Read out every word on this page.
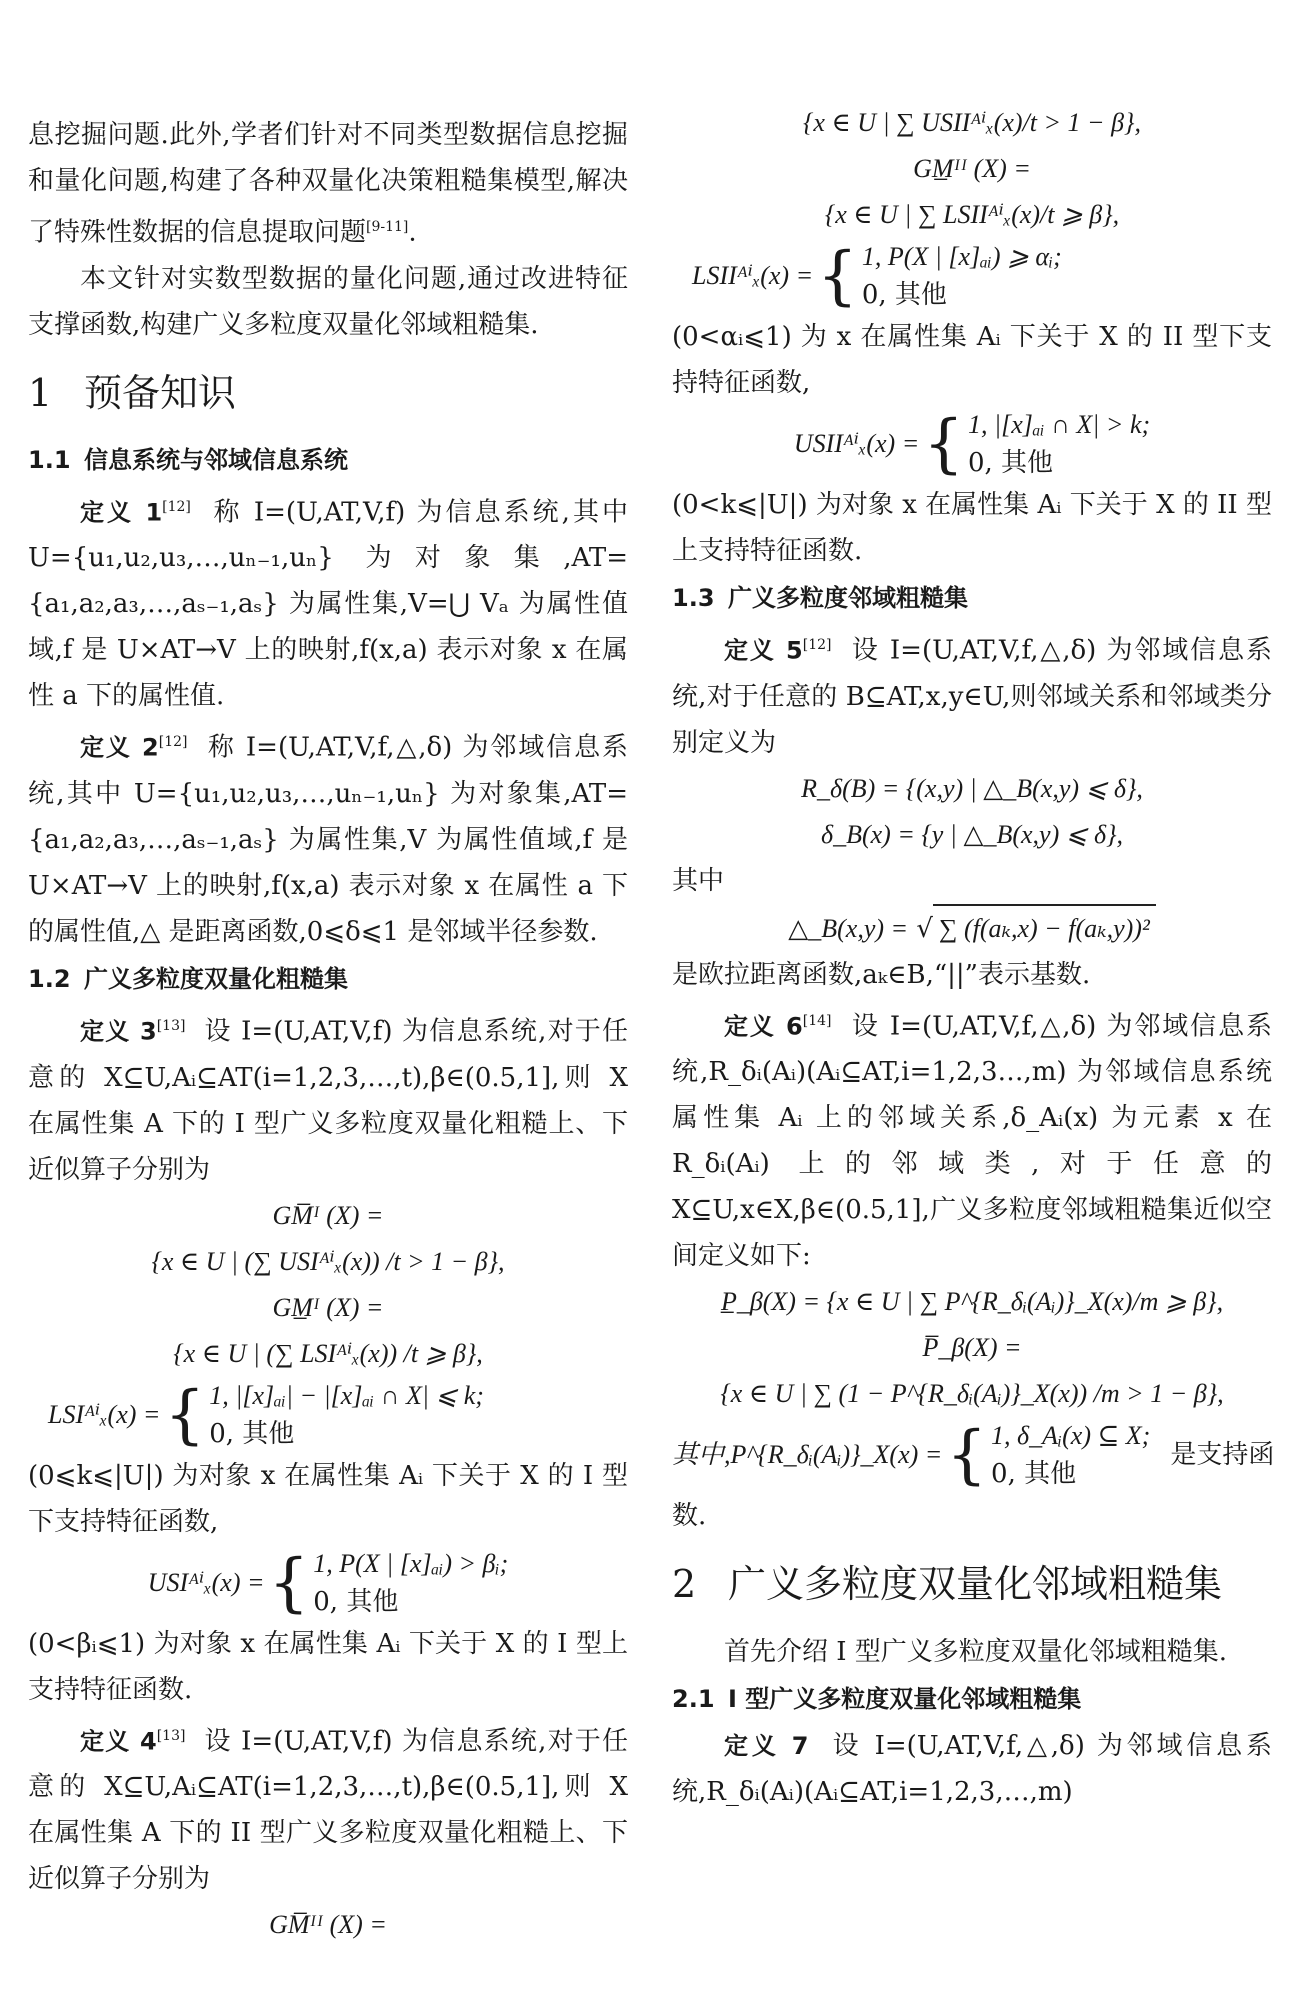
息挖掘问题.此外,学者们针对不同类型数据信息挖掘和量化问题,构建了各种双量化决策粗糙集模型,解决了特殊性数据的信息提取问题[9-11].

本文针对实数型数据的量化问题,通过改进特征支撑函数,构建广义多粒度双量化邻域粗糙集.

1 预备知识
1.1 信息系统与邻域信息系统

定义 1[12] 称 I=(U,AT,V,f) 为信息系统,其中 U={u₁,u₂,u₃,…,uₙ₋₁,uₙ} 为对象集,AT={a₁,a₂,a₃,…,aₛ₋₁,aₛ} 为属性集,V=⋃ Vₐ 为属性值域,f 是 U×AT→V 上的映射,f(x,a) 表示对象 x 在属性 a 下的属性值.

定义 2[12] 称 I=(U,AT,V,f,△,δ) 为邻域信息系统,其中 U={u₁,u₂,u₃,…,uₙ₋₁,uₙ} 为对象集,AT={a₁,a₂,a₃,…,aₛ₋₁,aₛ} 为属性集,V 为属性值域,f 是 U×AT→V 上的映射,f(x,a) 表示对象 x 在属性 a 下的属性值,△ 是距离函数,0⩽δ⩽1 是邻域半径参数.

1.2 广义多粒度双量化粗糙集

定义 3[13] 设 I=(U,AT,V,f) 为信息系统,对于任意的 X⊆U,Aᵢ⊆AT(i=1,2,3,…,t),β∈(0.5,1],则 X 在属性集 A 下的 I 型广义多粒度双量化粗糙上、下近似算子分别为

GM̅ᴵ (X) =
{x ∈ U | (∑ USIᴬⁱₓ(x)) /t > 1 − β},
GM̲ᴵ (X) =
{x ∈ U | (∑ LSIᴬⁱₓ(x)) /t ⩾ β},
LSIᴬⁱₓ(x) = { 1, |[x]ₐᵢ| − |[x]ₐᵢ ∩ X| ⩽ k;
0, 其他

(0⩽k⩽|U|) 为对象 x 在属性集 Aᵢ 下关于 X 的 I 型下支持特征函数,

USIᴬⁱₓ(x) = { 1, P(X | [x]ₐᵢ) > βᵢ;
0, 其他

(0<βᵢ⩽1) 为对象 x 在属性集 Aᵢ 下关于 X 的 I 型上支持特征函数.

定义 4[13] 设 I=(U,AT,V,f) 为信息系统,对于任意的 X⊆U,Aᵢ⊆AT(i=1,2,3,…,t),β∈(0.5,1],则 X 在属性集 A 下的 II 型广义多粒度双量化粗糙上、下近似算子分别为

GM̅ᴵᴵ (X) =
{x ∈ U | ∑ USIIᴬⁱₓ(x)/t > 1 − β},
GM̲ᴵᴵ (X) =
{x ∈ U | ∑ LSIIᴬⁱₓ(x)/t ⩾ β},
LSIIᴬⁱₓ(x) = { 1, P(X | [x]ₐᵢ) ⩾ αᵢ;
0, 其他

(0<αᵢ⩽1) 为 x 在属性集 Aᵢ 下关于 X 的 II 型下支持特征函数,

USIIᴬⁱₓ(x) = { 1, |[x]ₐᵢ ∩ X| > k;
0, 其他

(0<k⩽|U|) 为对象 x 在属性集 Aᵢ 下关于 X 的 II 型上支持特征函数.

1.3 广义多粒度邻域粗糙集

定义 5[12] 设 I=(U,AT,V,f,△,δ) 为邻域信息系统,对于任意的 B⊆AT,x,y∈U,则邻域关系和邻域类分别定义为

R_δ(B) = {(x,y) | △_B(x,y) ⩽ δ},
δ_B(x) = {y | △_B(x,y) ⩽ δ},

其中

△_B(x,y) = √ ∑ (f(aₖ,x) − f(aₖ,y))²

是欧拉距离函数,aₖ∈B,“||”表示基数.

定义 6[14] 设 I=(U,AT,V,f,△,δ) 为邻域信息系统,R_δᵢ(Aᵢ)(Aᵢ⊆AT,i=1,2,3…,m) 为邻域信息系统属性集 Aᵢ 上的邻域关系,δ_Aᵢ(x) 为元素 x 在 R_δᵢ(Aᵢ) 上的邻域类,对于任意的 X⊆U,x∈X,β∈(0.5,1],广义多粒度邻域粗糙集近似空间定义如下:

P̲_β(X) = {x ∈ U | ∑ P^{R_δᵢ(Aᵢ)}_X(x)/m ⩾ β},
P̅_β(X) =
{x ∈ U | ∑ (1 − P^{R_δᵢ(Aᵢ)}_X(x)) /m > 1 − β},
其中,P^{R_δᵢ(Aᵢ)}_X(x) = { 1, δ_Aᵢ(x) ⊆ X;
0, 其他
是支持函

数.

2 广义多粒度双量化邻域粗糙集

首先介绍 I 型广义多粒度双量化邻域粗糙集.

2.1 I 型广义多粒度双量化邻域粗糙集

定义 7 设 I=(U,AT,V,f,△,δ) 为邻域信息系统,R_δᵢ(Aᵢ)(Aᵢ⊆AT,i=1,2,3,…,m)
